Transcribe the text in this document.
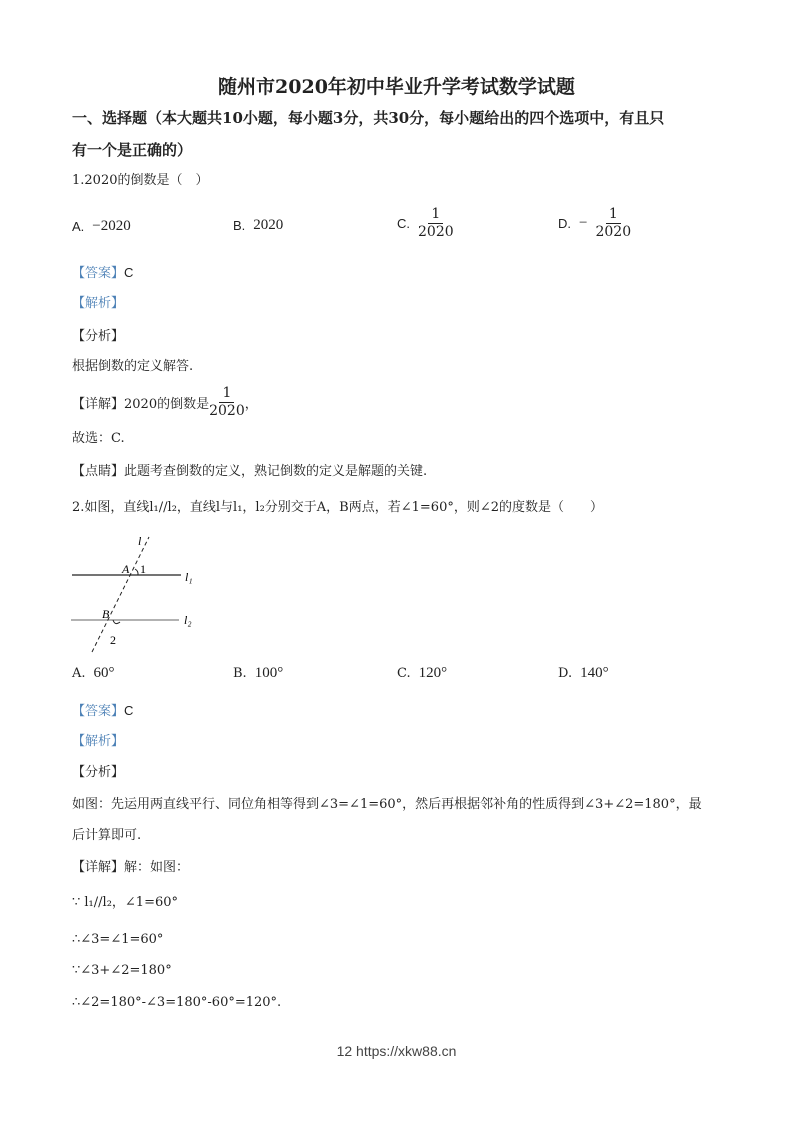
随州市2020年初中毕业升学考试数学试题
一、选择题（本大题共10小题，每小题3分，共30分，每小题给出的四个选项中，有且只
有一个是正确的）
1.2020的倒数是（　）
A. −2020	B. 2020	C. $\frac{1}{2020}$	D. − $\frac{1}{2020}$
【答案】C
【解析】
【分析】
根据倒数的定义解答.
【详解】 2020的倒数是 $\frac{1}{2020}$ ，
故选：C.
【点睛】此题考查倒数的定义，熟记倒数的定义是解题的关键.
2.如图，直线l₁//l₂，直线l与l₁，l₂分别交于A，B两点，若∠1=60°，则∠2的度数是（　　）
l
A 1
l₁
B	l₂
2
A. 60°	B. 100°	C. 120°	D. 140°
【答案】C
【解析】
【分析】
如图：先运用两直线平行、同位角相等得到∠3=∠1=60°，然后再根据邻补角的性质得到∠3+∠2=180°，最
后计算即可.
【详解】解：如图：
∵ l₁//l₂，∠1=60°
∴∠3=∠1=60°
∵∠3+∠2=180°
∴∠2=180°-∠3=180°-60°=120°.
12 https://xkw88.cn
